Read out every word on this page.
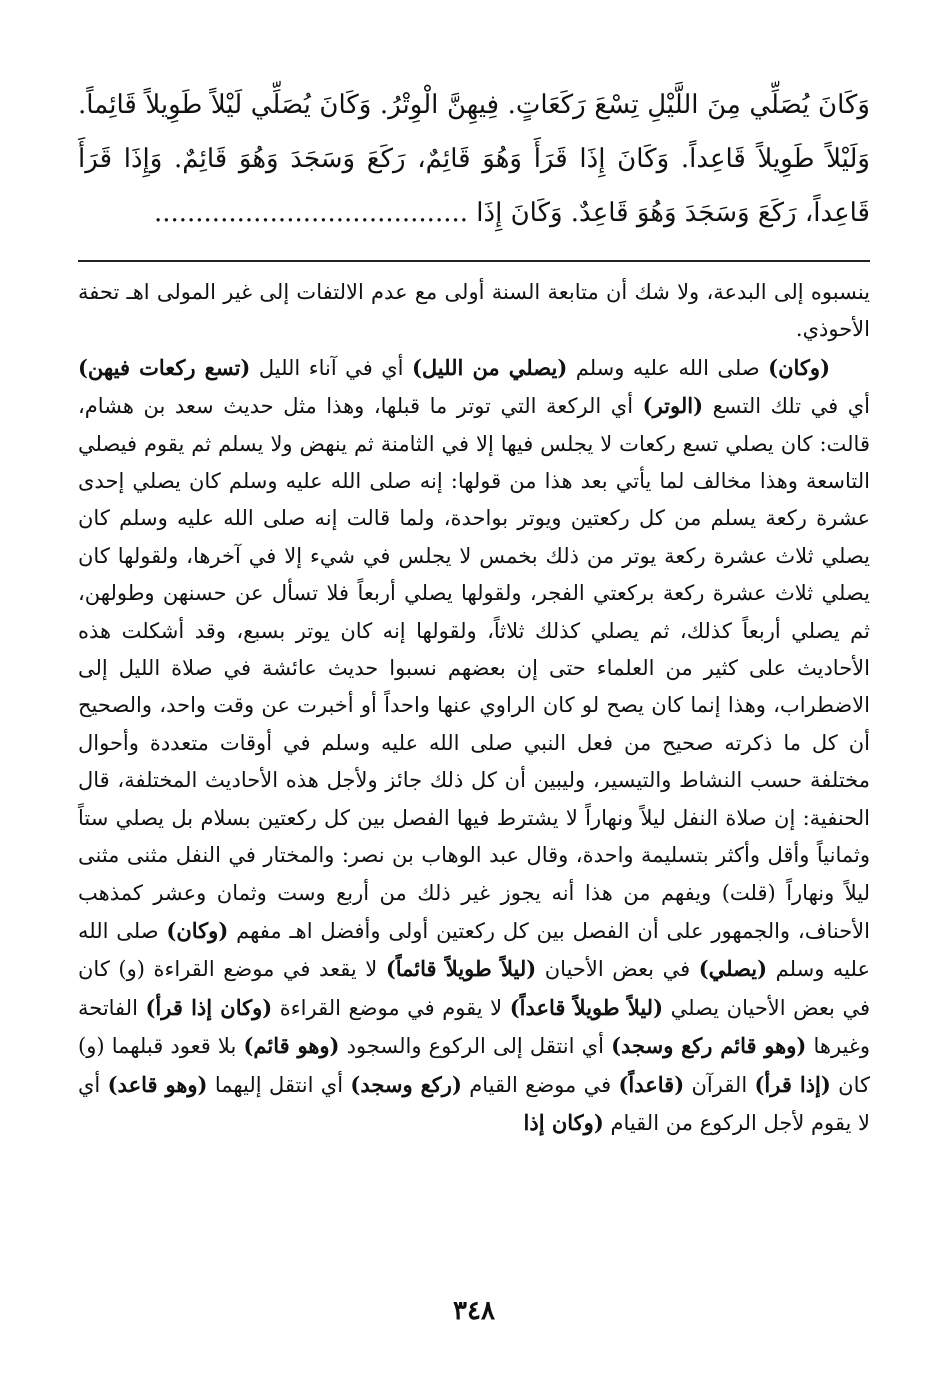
وَكَانَ يُصَلِّي مِنَ اللَّيْلِ تِسْعَ رَكَعَاتٍ. فِيهِنَّ الْوِتْرُ. وَكَانَ يُصَلِّي لَيْلاً طَوِيلاً قَائِماً. وَلَيْلاً طَوِيلاً قَاعِداً. وَكَانَ إِذَا قَرَأَ وَهُوَ قَائِمٌ، رَكَعَ وَسَجَدَ وَهُوَ قَائِمٌ. وَإِذَا قَرَأَ قَاعِداً، رَكَعَ وَسَجَدَ وَهُوَ قَاعِدٌ. وَكَانَ إِذَا ......................................

ينسبوه إلى البدعة، ولا شك أن متابعة السنة أولى مع عدم الالتفات إلى غير المولى اهـ تحفة الأحوذي.

(وكان) صلى الله عليه وسلم (يصلي من الليل) أي في آناء الليل (تسع ركعات فيهن) أي في تلك التسع (الوتر) أي الركعة التي توتر ما قبلها، وهذا مثل حديث سعد بن هشام، قالت: كان يصلي تسع ركعات لا يجلس فيها إلا في الثامنة ثم ينهض ولا يسلم ثم يقوم فيصلي التاسعة وهذا مخالف لما يأتي بعد هذا من قولها: إنه صلى الله عليه وسلم كان يصلي إحدى عشرة ركعة يسلم من كل ركعتين ويوتر بواحدة، ولما قالت إنه صلى الله عليه وسلم كان يصلي ثلاث عشرة ركعة يوتر من ذلك بخمس لا يجلس في شيء إلا في آخرها، ولقولها كان يصلي ثلاث عشرة ركعة بركعتي الفجر، ولقولها يصلي أربعاً فلا تسأل عن حسنهن وطولهن، ثم يصلي أربعاً كذلك، ثم يصلي كذلك ثلاثاً، ولقولها إنه كان يوتر بسبع، وقد أشكلت هذه الأحاديث على كثير من العلماء حتى إن بعضهم نسبوا حديث عائشة في صلاة الليل إلى الاضطراب، وهذا إنما كان يصح لو كان الراوي عنها واحداً أو أخبرت عن وقت واحد، والصحيح أن كل ما ذكرته صحيح من فعل النبي صلى الله عليه وسلم في أوقات متعددة وأحوال مختلفة حسب النشاط والتيسير، وليبين أن كل ذلك جائز ولأجل هذه الأحاديث المختلفة، قال الحنفية: إن صلاة النفل ليلاً ونهاراً لا يشترط فيها الفصل بين كل ركعتين بسلام بل يصلي ستاً وثمانياً وأقل وأكثر بتسليمة واحدة، وقال عبد الوهاب بن نصر: والمختار في النفل مثنى مثنى ليلاً ونهاراً (قلت) ويفهم من هذا أنه يجوز غير ذلك من أربع وست وثمان وعشر كمذهب الأحناف، والجمهور على أن الفصل بين كل ركعتين أولى وأفضل اهـ مفهم (وكان) صلى الله عليه وسلم (يصلي) في بعض الأحيان (ليلاً طويلاً قائماً) لا يقعد في موضع القراءة (و) كان في بعض الأحيان يصلي (ليلاً طويلاً قاعداً) لا يقوم في موضع القراءة (وكان إذا قرأ) الفاتحة وغيرها (وهو قائم ركع وسجد) أي انتقل إلى الركوع والسجود (وهو قائم) بلا قعود قبلهما (و) كان (إذا قرأ) القرآن (قاعداً) في موضع القيام (ركع وسجد) أي انتقل إليهما (وهو قاعد) أي لا يقوم لأجل الركوع من القيام (وكان إذا

٣٤٨
